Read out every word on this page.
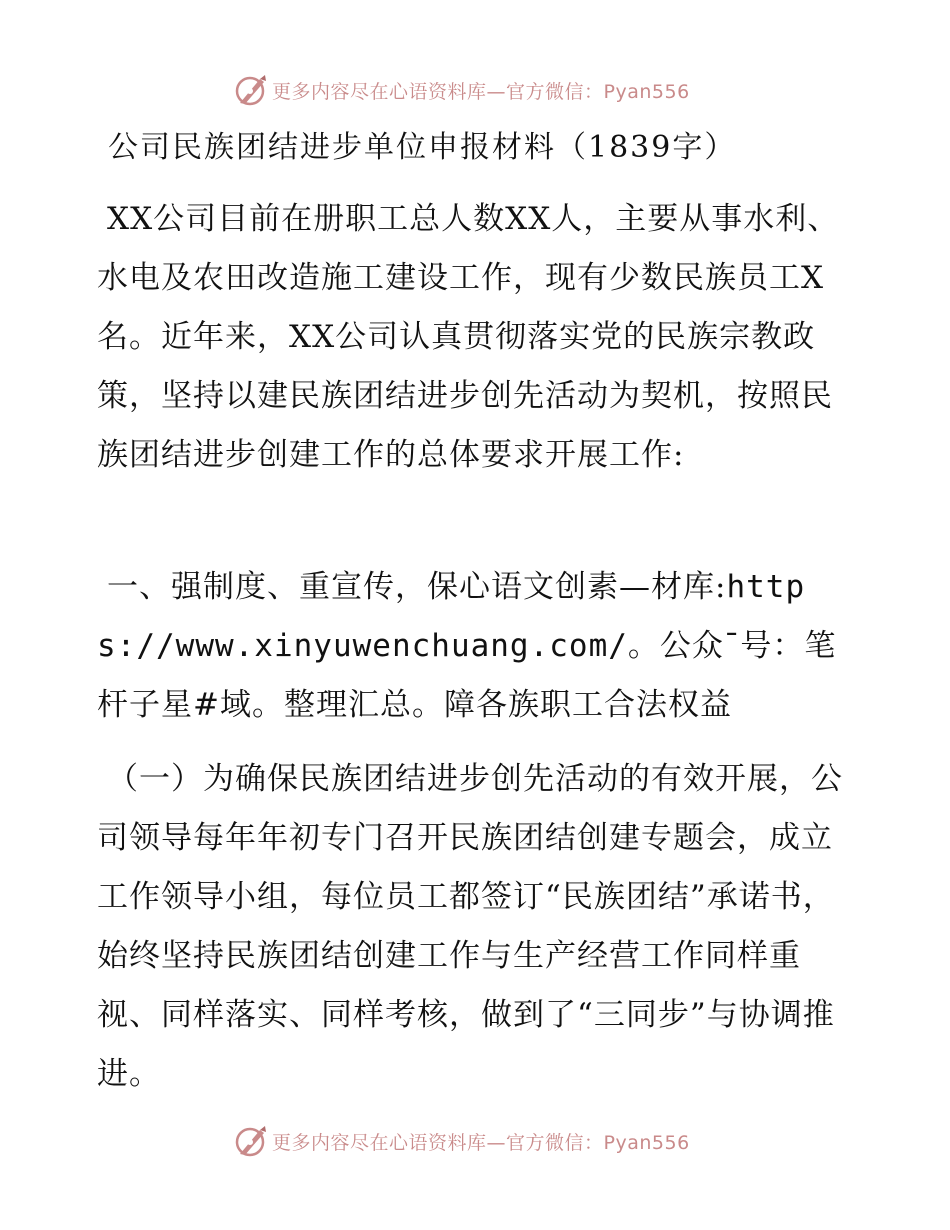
更多内容尽在心语资料库—官方微信：Pyan556
公司民族团结进步单位申报材料（1839字）

XX公司目前在册职工总人数XX人，主要从事水利、水电及农田改造施工建设工作，现有少数民族员工X名。近年来，XX公司认真贯彻落实党的民族宗教政策，坚持以建民族团结进步创先活动为契机，按照民族团结进步创建工作的总体要求开展工作:

一、强制度、重宣传，保心语文创素—材库:https://www.xinyuwenchuang.com/。公众¯号：笔杆子星#域。整理汇总。障各族职工合法权益

（一）为确保民族团结进步创先活动的有效开展，公司领导每年年初专门召开民族团结创建专题会，成立工作领导小组，每位员工都签订“民族团结”承诺书，始终坚持民族团结创建工作与生产经营工作同样重视、同样落实、同样考核，做到了“三同步”与协调推进。

更多内容尽在心语资料库—官方微信：Pyan556
